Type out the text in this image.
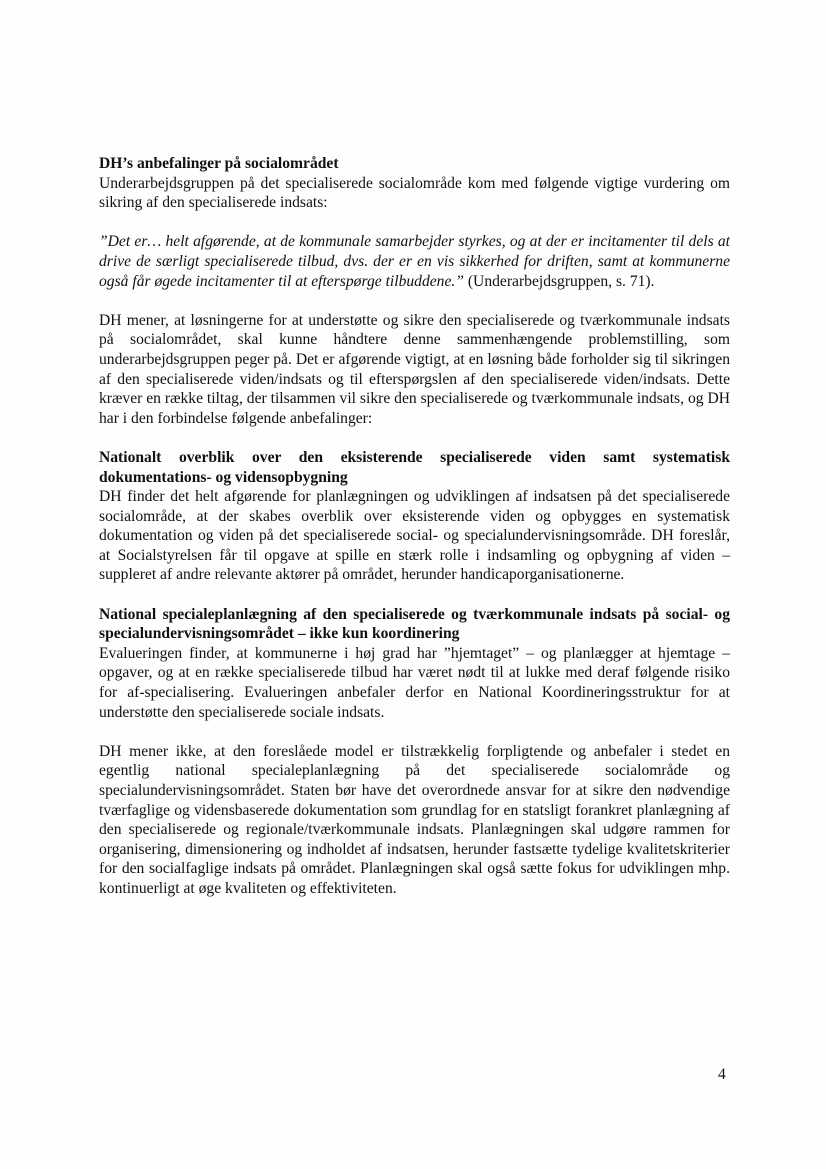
DH’s anbefalinger på socialområdet

Underarbejdsgruppen på det specialiserede socialområde kom med følgende vigtige vurdering om sikring af den specialiserede indsats:

”Det er… helt afgørende, at de kommunale samarbejder styrkes, og at der er incitamenter til dels at drive de særligt specialiserede tilbud, dvs. der er en vis sikkerhed for driften, samt at kommunerne også får øgede incitamenter til at efterspørge tilbuddene.” (Underarbejdsgruppen, s. 71).

DH mener, at løsningerne for at understøtte og sikre den specialiserede og tværkommunale indsats på socialområdet, skal kunne håndtere denne sammenhængende problemstilling, som underarbejdsgruppen peger på. Det er afgørende vigtigt, at en løsning både forholder sig til sikringen af den specialiserede viden/indsats og til efterspørgslen af den specialiserede viden/indsats. Dette kræver en række tiltag, der tilsammen vil sikre den specialiserede og tværkommunale indsats, og DH har i den forbindelse følgende anbefalinger:

Nationalt overblik over den eksisterende specialiserede viden samt systematisk dokumentations- og vidensopbygning

DH finder det helt afgørende for planlægningen og udviklingen af indsatsen på det specialiserede socialområde, at der skabes overblik over eksisterende viden og opbygges en systematisk dokumentation og viden på det specialiserede social- og specialundervisningsområde. DH foreslår, at Socialstyrelsen får til opgave at spille en stærk rolle i indsamling og opbygning af viden – suppleret af andre relevante aktører på området, herunder handicaporganisationerne.

National specialeplanlægning af den specialiserede og tværkommunale indsats på social- og specialundervisningsområdet – ikke kun koordinering

Evalueringen finder, at kommunerne i høj grad har ”hjemtaget” – og planlægger at hjemtage – opgaver, og at en række specialiserede tilbud har været nødt til at lukke med deraf følgende risiko for af-specialisering. Evalueringen anbefaler derfor en National Koordineringsstruktur for at understøtte den specialiserede sociale indsats.

DH mener ikke, at den foreslåede model er tilstrækkelig forpligtende og anbefaler i stedet en egentlig national specialeplanlægning på det specialiserede socialområde og specialundervisningsområdet. Staten bør have det overordnede ansvar for at sikre den nødvendige tværfaglige og vidensbaserede dokumentation som grundlag for en statsligt forankret planlægning af den specialiserede og regionale/tværkommunale indsats. Planlægningen skal udgøre rammen for organisering, dimensionering og indholdet af indsatsen, herunder fastsætte tydelige kvalitetskriterier for den socialfaglige indsats på området. Planlægningen skal også sætte fokus for udviklingen mhp. kontinuerligt at øge kvaliteten og effektiviteten.

4
